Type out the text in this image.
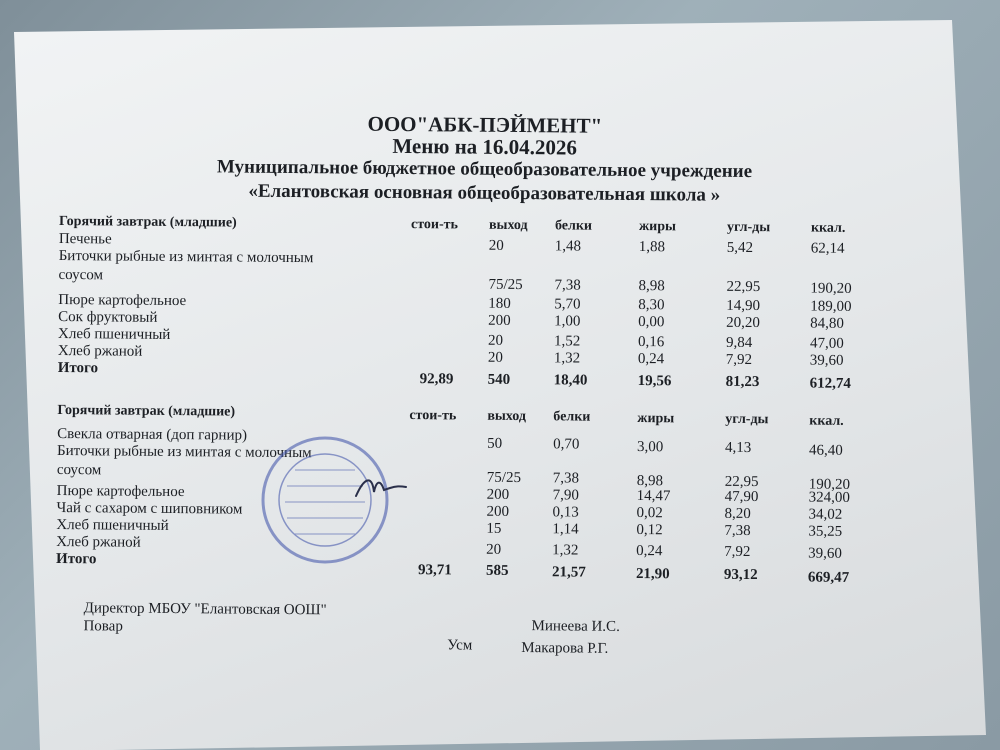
ООО"АБК-ПЭЙМЕНТ"

Меню на 16.04.2026

Муниципальное бюджетное общеобразовательное учреждение

«Елантовская основная общеобразовательная школа »

Горячий завтрак (младшие)	стои-ть выход белки	жиры	угл-ды	ккал.
Печенье	20	1,48	1,88	5,42	62,14
Биточки рыбные из минтая с молочным
соусом
75/25 7,38	8,98	22,95	190,20
Пюре картофельное	180	5,70	8,30	14,90	189,00
Сок фруктовый	200	1,00	0,00	20,20	84,80
Хлеб пшеничный	20	1,52	0,16	9,84	47,00
Хлеб ржаной	20	1,32	0,24	7,92	39,60
Итого
92,89 540	18,40	19,56	81,23	612,74
Горячий завтрак (младшие)	стои-ть выход белки	жиры	угл-ды	ккал.
Свекла отварная (доп гарнир)
50	0,70	3,00	4,13	46,40
Биточки рыбные из минтая с молочным
соусом	75/25 7,38	8,98	22,95	190,20
Пюре картофельное	200	7,90	14,47	47,90	324,00
Чай с сахаром с шиповником	200	0,13	0,02	8,20	34,02
Хлеб пшеничный	15	1,14	0,12	7,38	35,25
Хлеб ржаной	20	1,32	0,24	7,92	39,60
Итого
93,71 585	21,57	21,90	93,12	669,47
Директор МБОУ "Елантовская ООШ"
Минеева И.С.
Повар
Усм	Макарова Р.Г.
